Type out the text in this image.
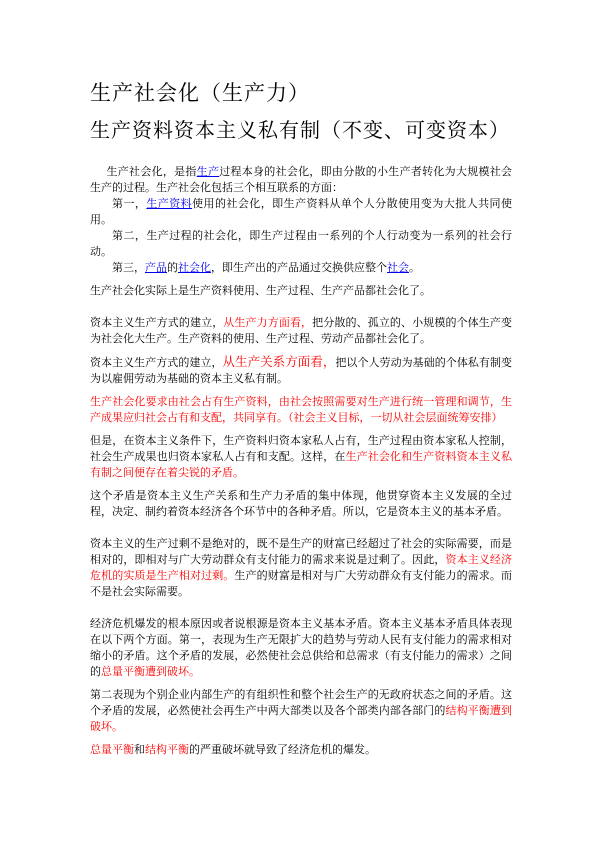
生产社会化（生产力）
生产资料资本主义私有制（不变、可变资本）

生产社会化，是指生产过程本身的社会化，即由分散的小生产者转化为大规模社会生产的过程。生产社会化包括三个相互联系的方面：

第一，生产资料使用的社会化，即生产资料从单个人分散使用变为大批人共同使用。

第二，生产过程的社会化，即生产过程由一系列的个人行动变为一系列的社会行动。

第三，产品的社会化，即生产出的产品通过交换供应整个社会。

生产社会化实际上是生产资料使用、生产过程、生产产品都社会化了。

资本主义生产方式的建立，从生产力方面看，把分散的、孤立的、小规模的个体生产变为社会化大生产。生产资料的使用、生产过程、劳动产品都社会化了。

资本主义生产方式的建立，从生产关系方面看，把以个人劳动为基础的个体私有制变为以雇佣劳动为基础的资本主义私有制。

生产社会化要求由社会占有生产资料，由社会按照需要对生产进行统一管理和调节，生产成果应归社会占有和支配，共同享有。（社会主义目标，一切从社会层面统筹安排）

但是，在资本主义条件下，生产资料归资本家私人占有，生产过程由资本家私人控制，社会生产成果也归资本家私人占有和支配。这样，在生产社会化和生产资料资本主义私有制之间便存在着尖锐的矛盾。

这个矛盾是资本主义生产关系和生产力矛盾的集中体现，他贯穿资本主义发展的全过程，决定、制约着资本经济各个环节中的各种矛盾。所以，它是资本主义的基本矛盾。

资本主义的生产过剩不是绝对的，既不是生产的财富已经超过了社会的实际需要，而是相对的，即相对与广大劳动群众有支付能力的需求来说是过剩了。因此，资本主义经济危机的实质是生产相对过剩。生产的财富是相对与广大劳动群众有支付能力的需求。而不是社会实际需要。

经济危机爆发的根本原因或者说根源是资本主义基本矛盾。资本主义基本矛盾具体表现在以下两个方面。第一，表现为生产无限扩大的趋势与劳动人民有支付能力的需求相对缩小的矛盾。这个矛盾的发展，必然使社会总供给和总需求（有支付能力的需求）之间的总量平衡遭到破坏。

第二表现为个别企业内部生产的有组织性和整个社会生产的无政府状态之间的矛盾。这个矛盾的发展，必然使社会再生产中两大部类以及各个部类内部各部门的结构平衡遭到破坏。

总量平衡和结构平衡的严重破坏就导致了经济危机的爆发。
